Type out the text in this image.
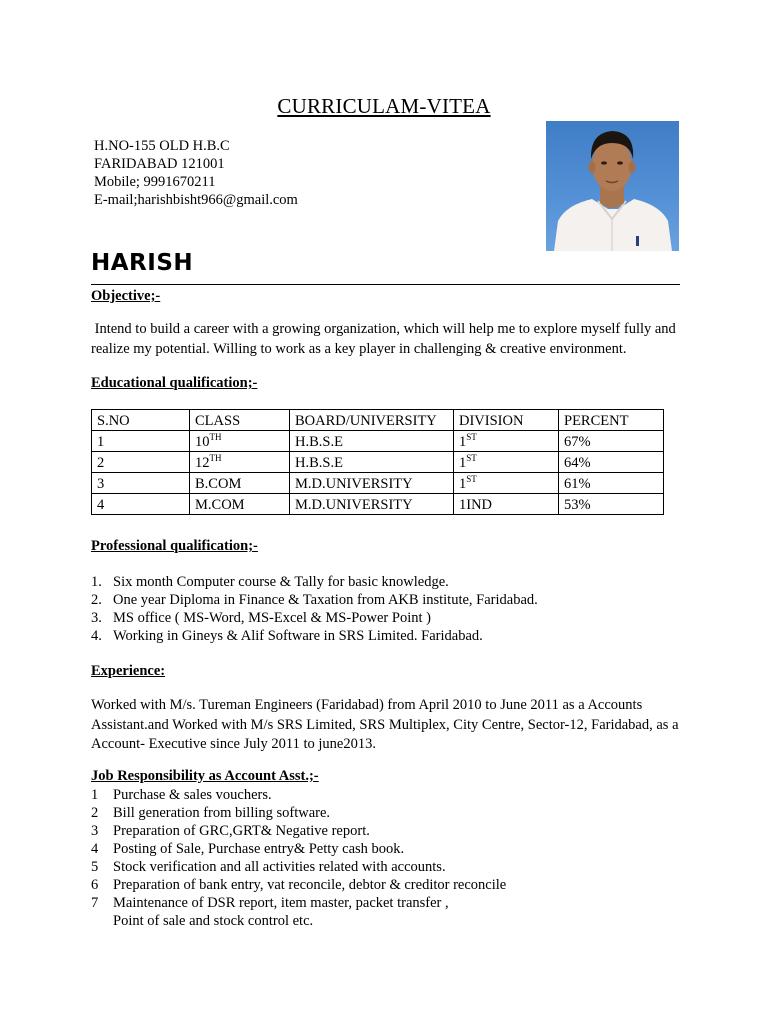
CURRICULAM-VITEA
H.NO-155 OLD H.B.C
FARIDABAD 121001
Mobile; 9991670211
E-mail;harishbisht966@gmail.com
HARISH
Objective;-
Intend to build a career with a growing organization, which will help me to explore myself fully and realize my potential. Willing to work as a key player in challenging & creative environment.
Educational qualification;-
S.NO	CLASS	BOARD/UNIVERSITY	DIVISION	PERCENT
1	10TH	H.B.S.E	1ST	67%
2	12TH	H.B.S.E	1ST	64%
3	B.COM	M.D.UNIVERSITY	1ST	61%
4	M.COM	M.D.UNIVERSITY	1IND	53%
Professional qualification;-
1. Six month Computer course & Tally for basic knowledge.
2. One year Diploma in Finance & Taxation from AKB institute, Faridabad.
3. MS office ( MS-Word, MS-Excel & MS-Power Point )
4. Working in Gineys & Alif Software in SRS Limited. Faridabad.
Experience:
Worked with M/s. Tureman Engineers (Faridabad) from April 2010 to June 2011 as a Accounts Assistant.and Worked with M/s SRS Limited, SRS Multiplex, City Centre, Sector-12, Faridabad, as a Account- Executive since July 2011 to june2013.
Job Responsibility as Account Asst.;-
1	Purchase & sales vouchers.
2	Bill generation from billing software.
3	Preparation of GRC,GRT& Negative report.
4	Posting of Sale, Purchase entry& Petty cash book.
5	Stock verification and all activities related with accounts.
6	Preparation of bank entry, vat reconcile, debtor & creditor reconcile
7	Maintenance of DSR report, item master, packet transfer ,
Point of sale and stock control etc.
